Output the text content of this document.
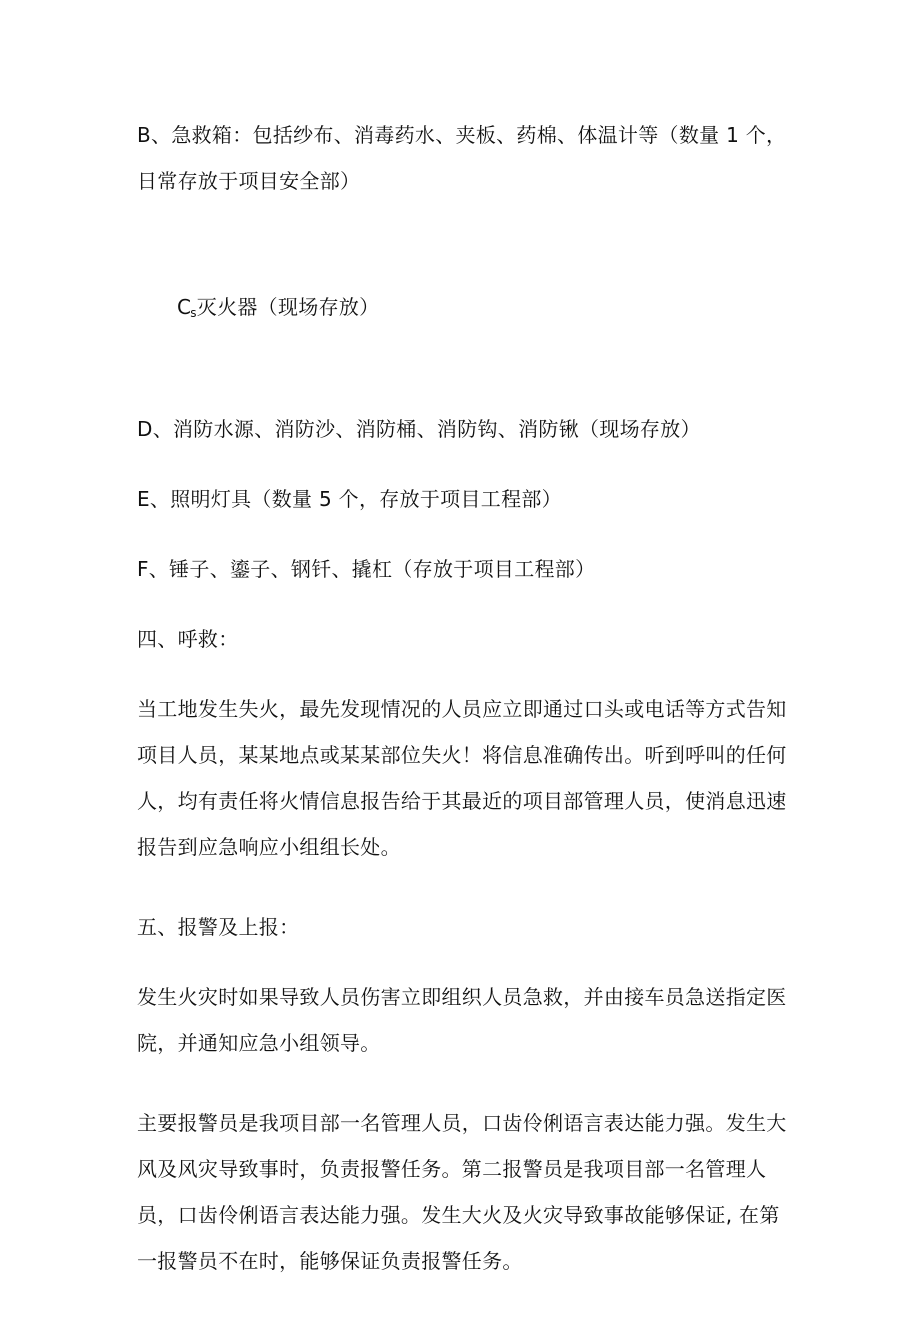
B、急救箱：包括纱布、消毒药水、夹板、药棉、体温计等（数量 1 个，日常存放于项目安全部）

Cs灭火器（现场存放）

D、消防水源、消防沙、消防桶、消防钩、消防锹（现场存放）

E、照明灯具（数量 5 个，存放于项目工程部）

F、锤子、鎏子、钢钎、撬杠（存放于项目工程部）

四、呼救：

当工地发生失火，最先发现情况的人员应立即通过口头或电话等方式告知项目人员，某某地点或某某部位失火！将信息准确传出。听到呼叫的任何人，均有责任将火情信息报告给于其最近的项目部管理人员，使消息迅速报告到应急响应小组组长处。

五、报警及上报：

发生火灾时如果导致人员伤害立即组织人员急救，并由接车员急送指定医院，并通知应急小组领导。

主要报警员是我项目部一名管理人员，口齿伶俐语言表达能力强。发生大风及风灾导致事时，负责报警任务。第二报警员是我项目部一名管理人员，口齿伶俐语言表达能力强。发生大火及火灾导致事故能够保证, 在第一报警员不在时，能够保证负责报警任务。
